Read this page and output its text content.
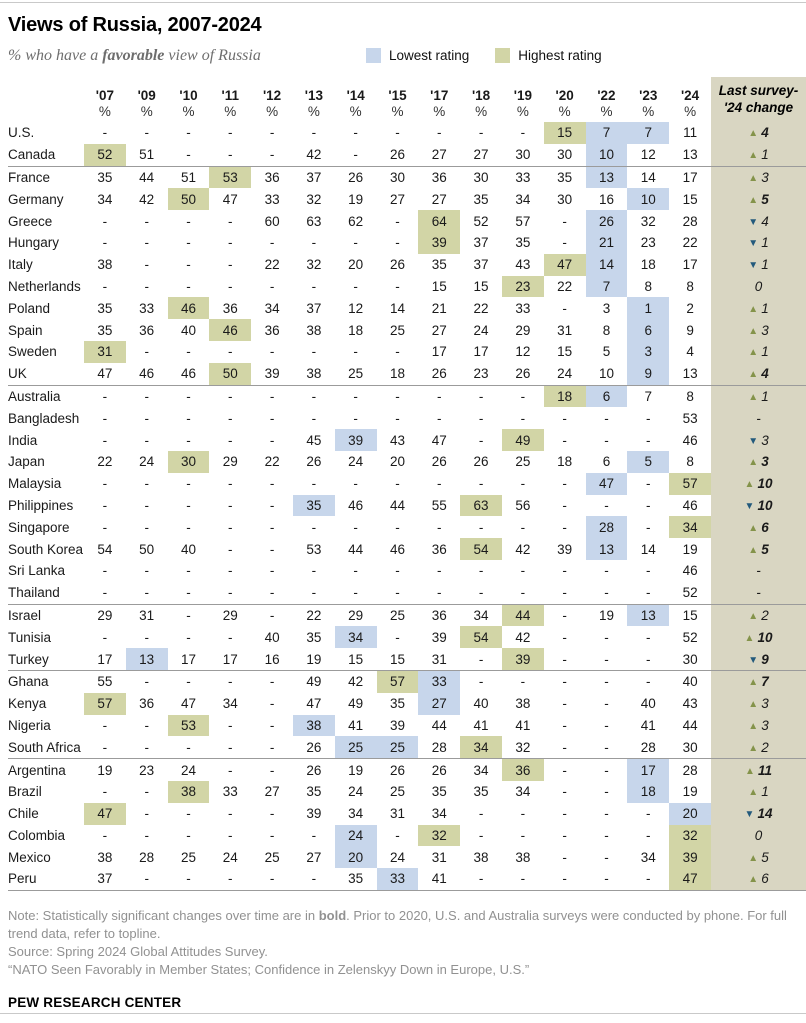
Views of Russia, 2007-2024
% who have a favorable view of Russia	Lowest rating	Highest rating
	'07	'09	'10	'11	'12	'13	'14	'15	'17	'18	'19	'20	'22	'23	'24	Last survey-
'24 change

	%	%	%	%	%	%	%	%	%	%	%	%	%	%	%	
U.S.	-	-	-	-	-	-	-	-	-	-	-	15	7	7	11	▲ 4
Canada	52	51	-	-	-	42	-	26	27	27	30	30	10	12	13	▲ 1
France	35	44	51	53	36	37	26	30	36	30	33	35	13	14	17	▲ 3
Germany	34	42	50	47	33	32	19	27	27	35	34	30	16	10	15	▲ 5
Greece	-	-	-	-	60	63	62	-	64	52	57	-	26	32	28	▼ 4
Hungary	-	-	-	-	-	-	-	-	39	37	35	-	21	23	22	▼ 1
Italy	38	-	-	-	22	32	20	26	35	37	43	47	14	18	17	▼ 1
Netherlands	-	-	-	-	-	-	-	-	15	15	23	22	7	8	8	0
Poland	35	33	46	36	34	37	12	14	21	22	33	-	3	1	2	▲ 1
Spain	35	36	40	46	36	38	18	25	27	24	29	31	8	6	9	▲ 3
Sweden	31	-	-	-	-	-	-	-	17	17	12	15	5	3	4	▲ 1
UK	47	46	46	50	39	38	25	18	26	23	26	24	10	9	13	▲ 4
Australia	-	-	-	-	-	-	-	-	-	-	-	18	6	7	8	▲ 1
Bangladesh	-	-	-	-	-	-	-	-	-	-	-	-	-	-	53	-
India	-	-	-	-	-	45	39	43	47	-	49	-	-	-	46	▼ 3
Japan	22	24	30	29	22	26	24	20	26	26	25	18	6	5	8	▲ 3
Malaysia	-	-	-	-	-	-	-	-	-	-	-	-	47	-	57	▲ 10
Philippines	-	-	-	-	-	35	46	44	55	63	56	-	-	-	46	▼ 10
Singapore	-	-	-	-	-	-	-	-	-	-	-	-	28	-	34	▲ 6
South Korea	54	50	40	-	-	53	44	46	36	54	42	39	13	14	19	▲ 5
Sri Lanka	-	-	-	-	-	-	-	-	-	-	-	-	-	-	46	-
Thailand	-	-	-	-	-	-	-	-	-	-	-	-	-	-	52	-
Israel	29	31	-	29	-	22	29	25	36	34	44	-	19	13	15	▲ 2
Tunisia	-	-	-	-	40	35	34	-	39	54	42	-	-	-	52	▲ 10
Turkey	17	13	17	17	16	19	15	15	31	-	39	-	-	-	30	▼ 9
Ghana	55	-	-	-	-	49	42	57	33	-	-	-	-	-	40	▲ 7
Kenya	57	36	47	34	-	47	49	35	27	40	38	-	-	40	43	▲ 3
Nigeria	-	-	53	-	-	38	41	39	44	41	41	-	-	41	44	▲ 3
South Africa	-	-	-	-	-	26	25	25	28	34	32	-	-	28	30	▲ 2
Argentina	19	23	24	-	-	26	19	26	26	34	36	-	-	17	28	▲ 11
Brazil	-	-	38	33	27	35	24	25	35	35	34	-	-	18	19	▲ 1
Chile	47	-	-	-	-	39	34	31	34	-	-	-	-	-	20	▼ 14
Colombia	-	-	-	-	-	-	24	-	32	-	-	-	-	-	32	0
Mexico	38	28	25	24	25	27	20	24	31	38	38	-	-	34	39	▲ 5
Peru	37	-	-	-	-	-	35	33	41	-	-	-	-	-	47	▲ 6
Note: Statistically significant changes over time are in bold. Prior to 2020, U.S. and Australia surveys were conducted by phone. For full trend data, refer to topline.
Source: Spring 2024 Global Attitudes Survey.
“NATO Seen Favorably in Member States; Confidence in Zelenskyy Down in Europe, U.S.”
PEW RESEARCH CENTER
